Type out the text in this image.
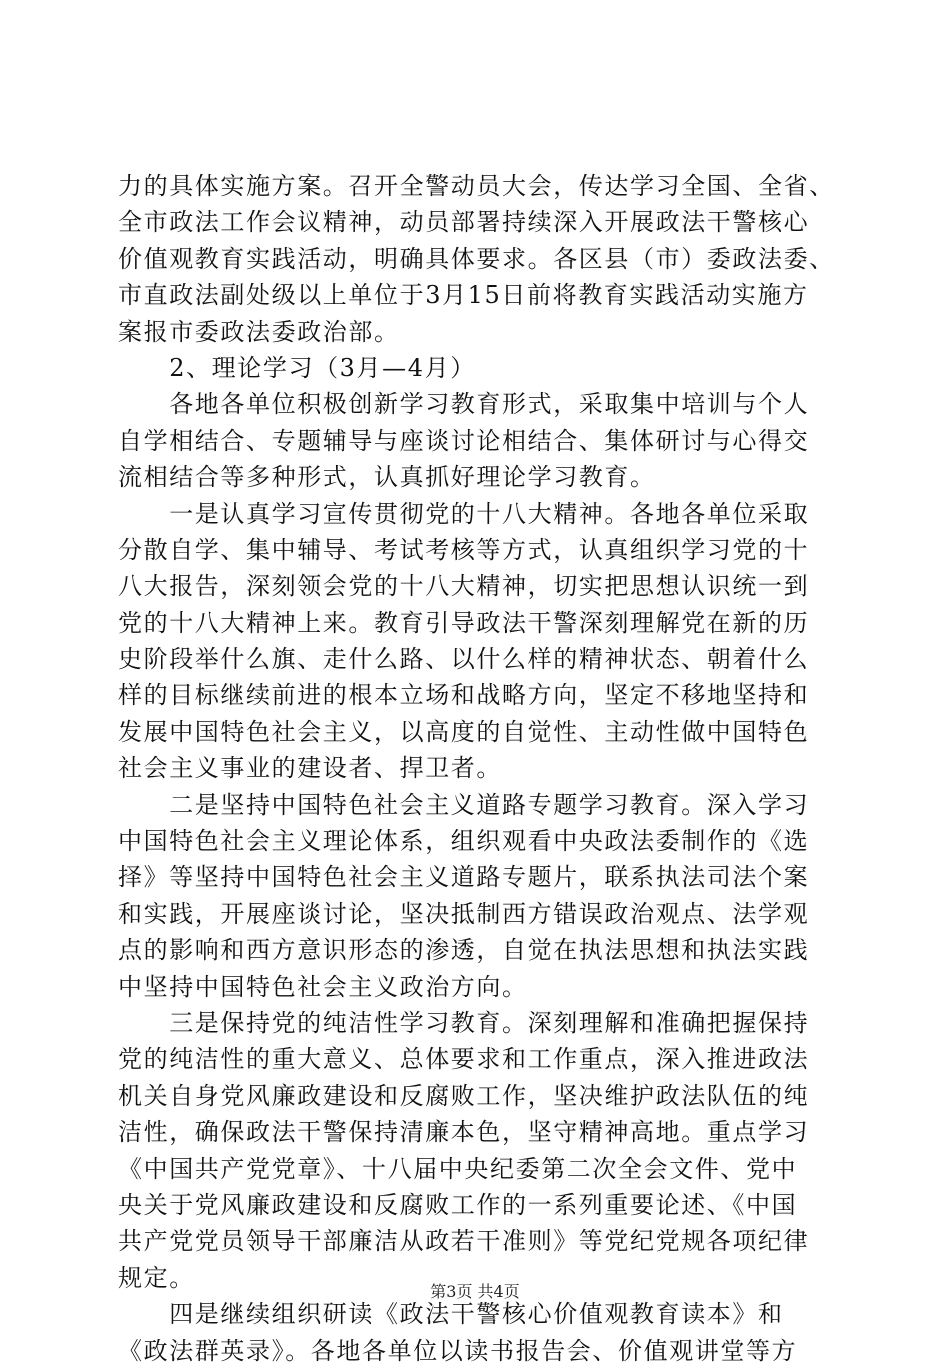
力的具体实施方案。召开全警动员大会，传达学习全国、全省、
全市政法工作会议精神，动员部署持续深入开展政法干警核心
价值观教育实践活动，明确具体要求。各区县（市）委政法委、
市直政法副处级以上单位于3月15日前将教育实践活动实施方
案报市委政法委政治部。
　　2、理论学习（3月—4月）
　　各地各单位积极创新学习教育形式，采取集中培训与个人
自学相结合、专题辅导与座谈讨论相结合、集体研讨与心得交
流相结合等多种形式，认真抓好理论学习教育。
　　一是认真学习宣传贯彻党的十八大精神。各地各单位采取
分散自学、集中辅导、考试考核等方式，认真组织学习党的十
八大报告，深刻领会党的十八大精神，切实把思想认识统一到
党的十八大精神上来。教育引导政法干警深刻理解党在新的历
史阶段举什么旗、走什么路、以什么样的精神状态、朝着什么
样的目标继续前进的根本立场和战略方向，坚定不移地坚持和
发展中国特色社会主义，以高度的自觉性、主动性做中国特色
社会主义事业的建设者、捍卫者。
　　二是坚持中国特色社会主义道路专题学习教育。深入学习
中国特色社会主义理论体系，组织观看中央政法委制作的《选
择》等坚持中国特色社会主义道路专题片，联系执法司法个案
和实践，开展座谈讨论，坚决抵制西方错误政治观点、法学观
点的影响和西方意识形态的渗透，自觉在执法思想和执法实践
中坚持中国特色社会主义政治方向。
　　三是保持党的纯洁性学习教育。深刻理解和准确把握保持
党的纯洁性的重大意义、总体要求和工作重点，深入推进政法
机关自身党风廉政建设和反腐败工作，坚决维护政法队伍的纯
洁性，确保政法干警保持清廉本色，坚守精神高地。重点学习
《中国共产党党章》、十八届中央纪委第二次全会文件、党中
央关于党风廉政建设和反腐败工作的一系列重要论述、《中国
共产党党员领导干部廉洁从政若干准则》等党纪党规各项纪律
规定。
　　四是继续组织研读《政法干警核心价值观教育读本》和
《政法群英录》。各地各单位以读书报告会、价值观讲堂等方
第3页 共4页
